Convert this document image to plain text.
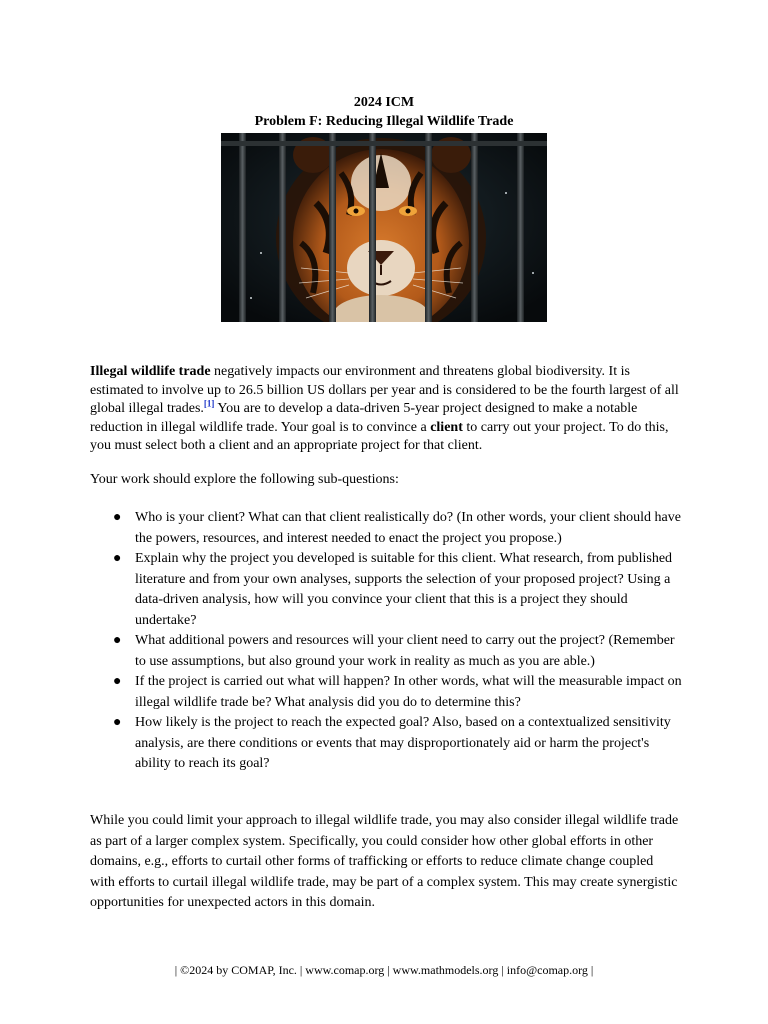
2024 ICM
Problem F: Reducing Illegal Wildlife Trade

Illegal wildlife trade negatively impacts our environment and threatens global biodiversity. It is estimated to involve up to 26.5 billion US dollars per year and is considered to be the fourth largest of all global illegal trades.[1] You are to develop a data-driven 5-year project designed to make a notable reduction in illegal wildlife trade. Your goal is to convince a client to carry out your project. To do this, you must select both a client and an appropriate project for that client.

Your work should explore the following sub-questions:

● Who is your client? What can that client realistically do? (In other words, your client should have the powers, resources, and interest needed to enact the project you propose.)
● Explain why the project you developed is suitable for this client. What research, from published literature and from your own analyses, supports the selection of your proposed project? Using a data-driven analysis, how will you convince your client that this is a project they should undertake?
● What additional powers and resources will your client need to carry out the project? (Remember to use assumptions, but also ground your work in reality as much as you are able.)
● If the project is carried out what will happen? In other words, what will the measurable impact on illegal wildlife trade be? What analysis did you do to determine this?
● How likely is the project to reach the expected goal? Also, based on a contextualized sensitivity analysis, are there conditions or events that may disproportionately aid or harm the project's ability to reach its goal?

While you could limit your approach to illegal wildlife trade, you may also consider illegal wildlife trade as part of a larger complex system. Specifically, you could consider how other global efforts in other domains, e.g., efforts to curtail other forms of trafficking or efforts to reduce climate change coupled with efforts to curtail illegal wildlife trade, may be part of a complex system. This may create synergistic opportunities for unexpected actors in this domain.

| ©2024 by COMAP, Inc. | www.comap.org | www.mathmodels.org | info@comap.org |
